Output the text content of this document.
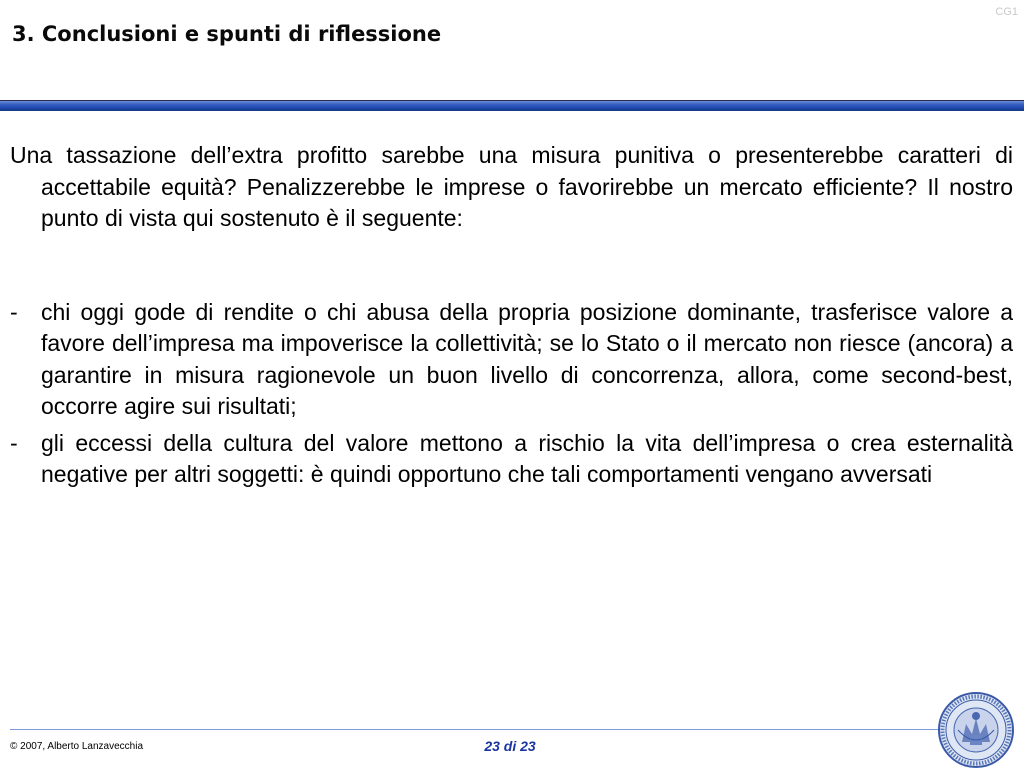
CG1
3. Conclusioni e spunti di riflessione

Una tassazione dell’extra profitto sarebbe una misura punitiva o presenterebbe caratteri di accettabile equità? Penalizzerebbe le imprese o favorirebbe un mercato efficiente? Il nostro punto di vista qui sostenuto è il seguente:

- chi oggi gode di rendite o chi abusa della propria posizione dominante, trasferisce valore a favore dell’impresa ma impoverisce la collettività; se lo Stato o il mercato non riesce (ancora) a garantire in misura ragionevole un buon livello di concorrenza, allora, come second-best, occorre agire sui risultati;
- gli eccessi della cultura del valore mettono a rischio la vita dell’impresa o crea esternalità negative per altri soggetti: è quindi opportuno che tali comportamenti vengano avversati
© 2007, Alberto Lanzavecchia	23 di 23
